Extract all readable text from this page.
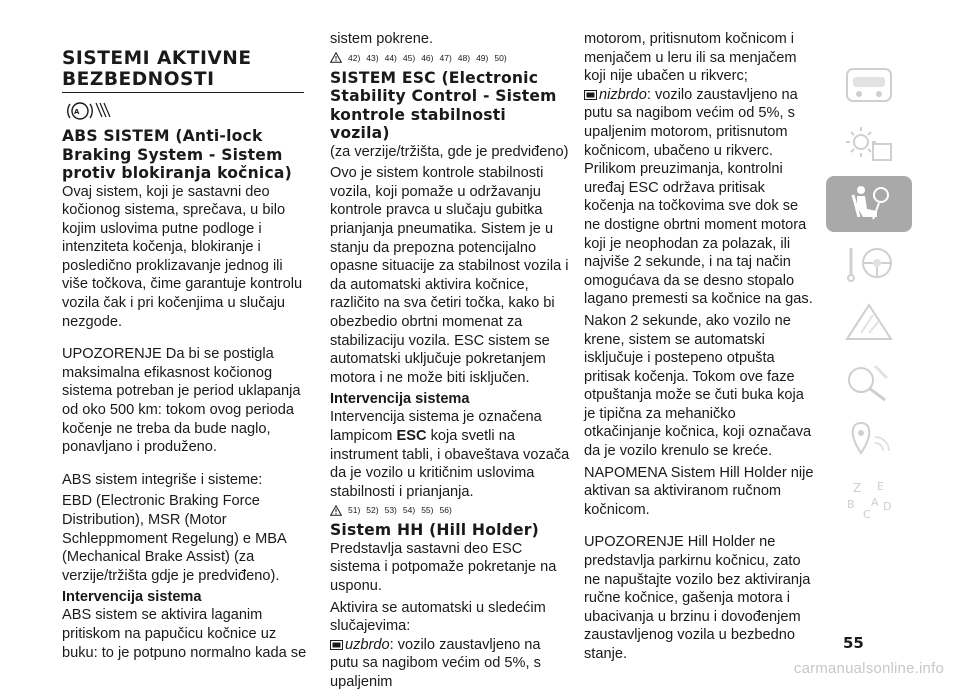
SISTEMI AKTIVNE BEZBEDNOSTI

A

ABS SISTEM (Anti-lock Braking System - Sistem protiv blokiranja kočnica)

Ovaj sistem, koji je sastavni deo kočionog sistema, sprečava, u bilo kojim uslovima putne podloge i intenziteta kočenja, blokiranje i posledično proklizavanje jednog ili više točkova, čime garantuje kontrolu vozila čak i pri kočenjima u slučaju nezgode.

UPOZORENJE Da bi se postigla maksimalna efikasnost kočionog sistema potreban je period uklapanja od oko 500 km: tokom ovog perioda kočenje ne treba da bude naglo, ponavljano i produženo.

ABS sistem integriše i sisteme:

EBD (Electronic Braking Force Distribution), MSR (Motor Schleppmoment Regelung) e MBA (Mechanical Brake Assist) (za verzije/tržišta gdje je predviđeno).

Intervencija sistema

ABS sistem se aktivira laganim pritiskom na papučicu kočnice uz buku: to je potpuno normalno kada se

sistem pokrene.

42) 43) 44) 45) 46) 47) 48) 49) 50)

SISTEM ESC (Electronic Stability Control - Sistem kontrole stabilnosti vozila)

(za verzije/tržišta, gde je predviđeno)

Ovo je sistem kontrole stabilnosti vozila, koji pomaže u održavanju kontrole pravca u slučaju gubitka prianjanja pneumatika. Sistem je u stanju da prepozna potencijalno opasne situacije za stabilnost vozila i da automatski aktivira kočnice, različito na sva četiri točka, kako bi obezbedio obrtni momenat za stabilizaciju vozila. ESC sistem se automatski uključuje pokretanjem motora i ne može biti isključen.

Intervencija sistema

Intervencija sistema je označena lampicom ESC koja svetli na instrument tabli, i obaveštava vozača da je vozilo u kritičnim uslovima stabilnosti i prianjanja.

51) 52) 53) 54) 55) 56)

Sistem HH (Hill Holder)

Predstavlja sastavni deo ESC sistema i potpomaže pokretanje na usponu.

Aktivira se automatski u sledećim slučajevima:

uzbrdo: vozilo zaustavljeno na putu sa nagibom većim od 5%, s upaljenim

motorom, pritisnutom kočnicom i menjačem u leru ili sa menjačem koji nije ubačen u rikverc;

nizbrdo: vozilo zaustavljeno na putu sa nagibom većim od 5%, s upaljenim motorom, pritisnutom kočnicom, ubačeno u rikverc. Prilikom preuzimanja, kontrolni uređaj ESC održava pritisak kočenja na točkovima sve dok se ne dostigne obrtni moment motora koji je neophodan za polazak, ili najviše 2 sekunde, i na taj način omogućava da se desno stopalo lagano premesti sa kočnice na gas.

Nakon 2 sekunde, ako vozilo ne krene, sistem se automatski isključuje i postepeno otpušta pritisak kočenja. Tokom ove faze otpuštanja može se čuti buka koja je tipična za mehaničko otkačinjanje kočnica, koji označava da je vozilo krenulo se kreće.

NAPOMENA Sistem Hill Holder nije aktivan sa aktiviranom ručnom kočnicom.

UPOZORENJE Hill Holder ne predstavlja parkirnu kočnicu, zato ne napuštajte vozilo bez aktiviranja ručne kočnice, gašenja motora i ubacivanja u brzinu i dovođenjem zaustavljenog vozila u bezbedno stanje.

Z E
B	D
C
A
55
carmanualsonline.info
